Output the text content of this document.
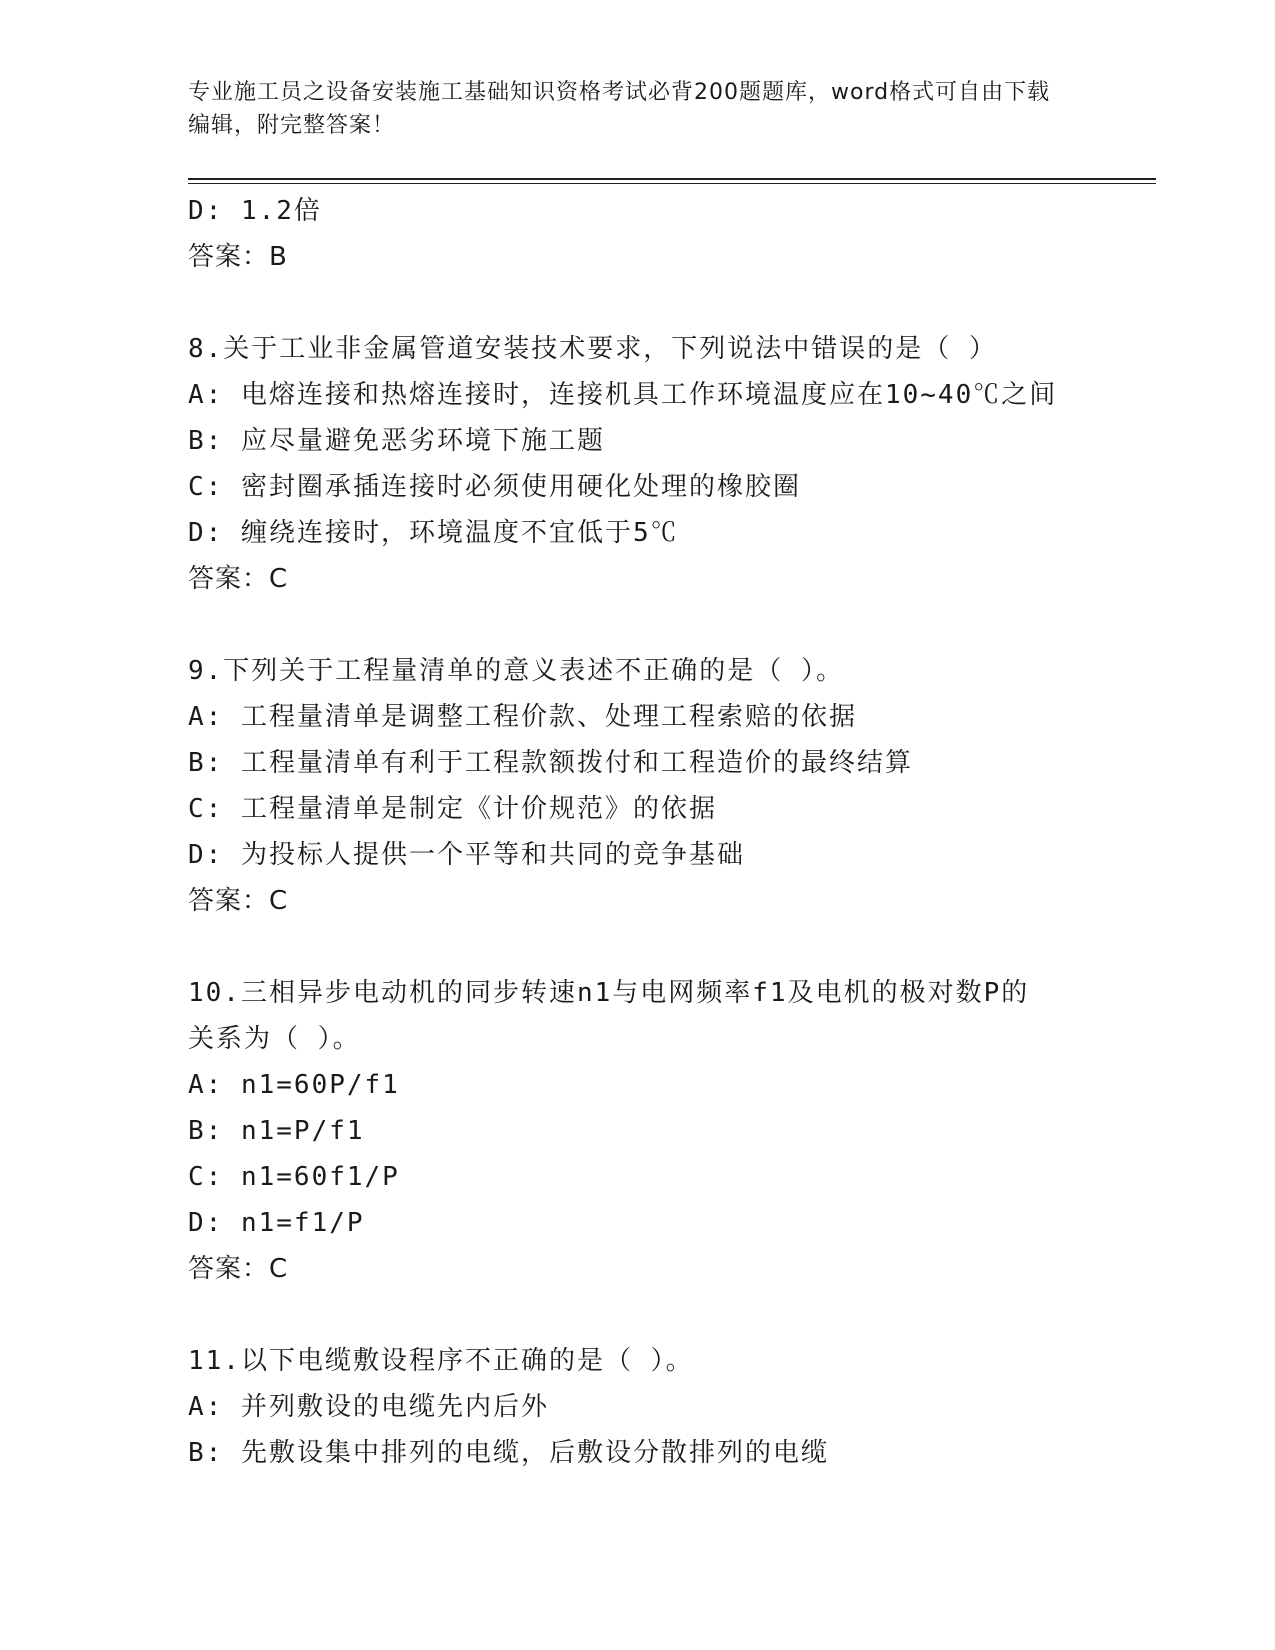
专业施工员之设备安装施工基础知识资格考试必背200题题库，word格式可自由下载编辑，附完整答案！
D: 1.2倍
答案：B
8.关于工业非金属管道安装技术要求，下列说法中错误的是（ ）
A: 电熔连接和热熔连接时，连接机具工作环境温度应在10~40℃之间
B: 应尽量避免恶劣环境下施工题
C: 密封圈承插连接时必须使用硬化处理的橡胶圈
D: 缠绕连接时，环境温度不宜低于5℃
答案：C
9.下列关于工程量清单的意义表述不正确的是（ ）。
A: 工程量清单是调整工程价款、处理工程索赔的依据
B: 工程量清单有利于工程款额拨付和工程造价的最终结算
C: 工程量清单是制定《计价规范》的依据
D: 为投标人提供一个平等和共同的竞争基础
答案：C
10.三相异步电动机的同步转速n1与电网频率f1及电机的极对数P的
关系为（ ）。
A: n1=60P/f1
B: n1=P/f1
C: n1=60f1/P
D: n1=f1/P
答案：C
11.以下电缆敷设程序不正确的是（ ）。
A: 并列敷设的电缆先内后外
B: 先敷设集中排列的电缆，后敷设分散排列的电缆
